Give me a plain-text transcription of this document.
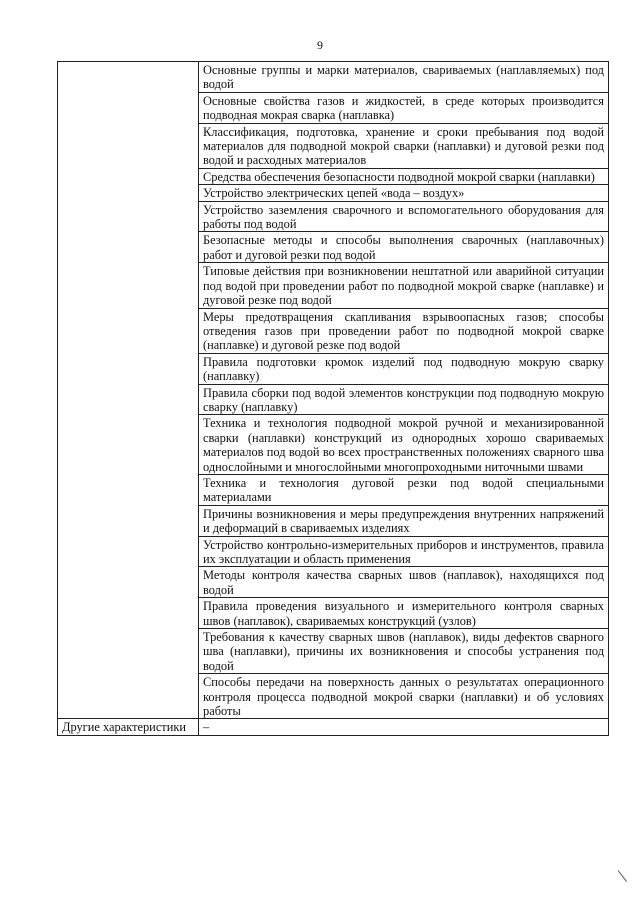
9
	Основные группы и марки материалов, свариваемых (наплавляемых) под водой
	Основные свойства газов и жидкостей, в среде которых производится подводная мокрая сварка (наплавка)
	Классификация, подготовка, хранение и сроки пребывания под водой материалов для подводной мокрой сварки (наплавки) и дуговой резки под водой и расходных материалов
	Средства обеспечения безопасности подводной мокрой сварки (наплавки)
	Устройство электрических цепей «вода – воздух»
	Устройство заземления сварочного и вспомогательного оборудования для работы под водой
	Безопасные методы и способы выполнения сварочных (наплавочных) работ и дуговой резки под водой
	Типовые действия при возникновении нештатной или аварийной ситуации под водой при проведении работ по подводной мокрой сварке (наплавке) и дуговой резке под водой
	Меры предотвращения скапливания взрывоопасных газов; способы отведения газов при проведении работ по подводной мокрой сварке (наплавке) и дуговой резке под водой
	Правила подготовки кромок изделий под подводную мокрую сварку (наплавку)
	Правила сборки под водой элементов конструкции под подводную мокрую сварку (наплавку)
	Техника и технология подводной мокрой ручной и механизированной сварки (наплавки) конструкций из однородных хорошо свариваемых материалов под водой во всех пространственных положениях сварного шва однослойными и многослойными многопроходными ниточными швами
	Техника и технология дуговой резки под водой специальными материалами
	Причины возникновения и меры предупреждения внутренних напряжений и деформаций в свариваемых изделиях
	Устройство контрольно-измерительных приборов и инструментов, правила их эксплуатации и область применения
	Методы контроля качества сварных швов (наплавок), находящихся под водой
	Правила проведения визуального и измерительного контроля сварных швов (наплавок), свариваемых конструкций (узлов)
	Требования к качеству сварных швов (наплавок), виды дефектов сварного шва (наплавки), причины их возникновения и способы устранения под водой
	Способы передачи на поверхность данных о результатах операционного контроля процесса подводной мокрой сварки (наплавки) и об условиях работы
Другие характеристики	–
